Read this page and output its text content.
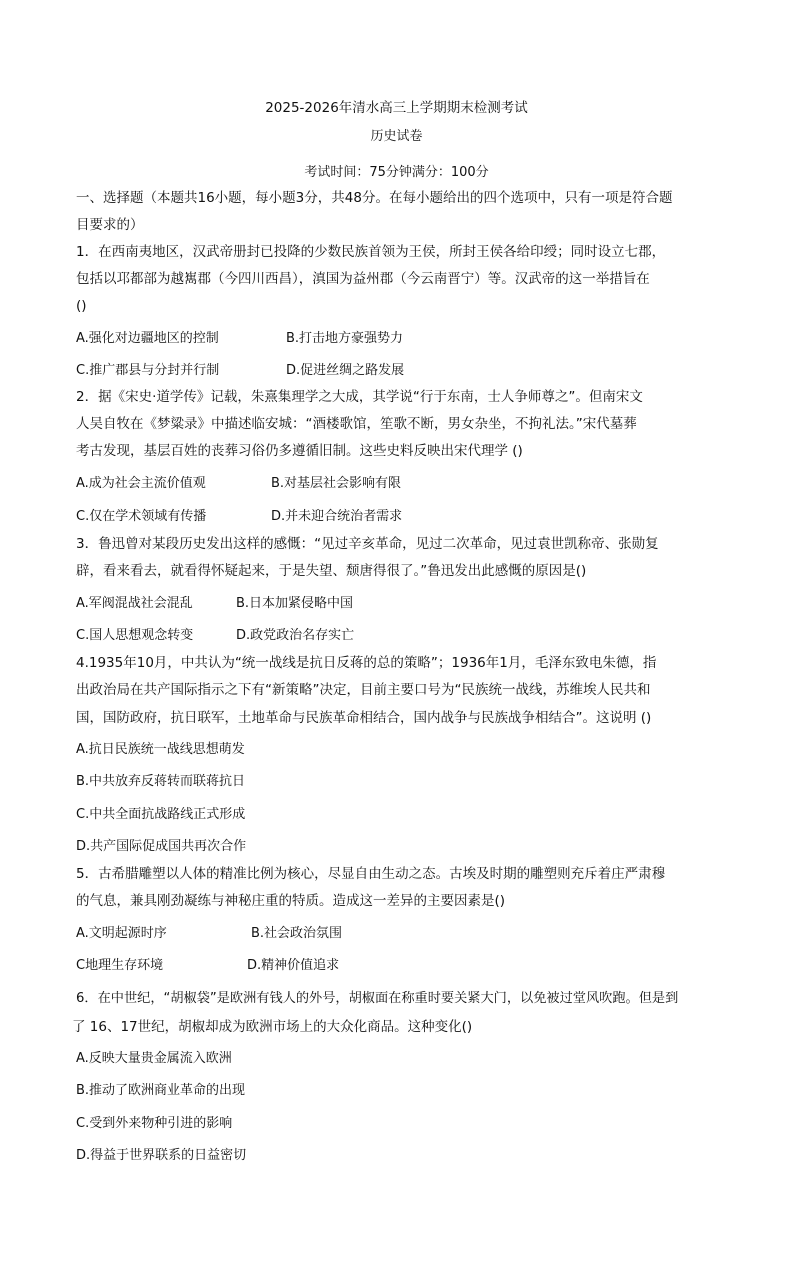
2025-2026年清水高三上学期期末检测考试
历史试卷
考试时间：75分钟满分：100分
一、选择题（本题共16小题，每小题3分，共48分。在每小题给出的四个选项中，只有一项是符合题
目要求的）
1．在西南夷地区，汉武帝册封已投降的少数民族首领为王侯，所封王侯各给印绶；同时设立七郡，
包括以邛都部为越嶲郡（今四川西昌），滇国为益州郡（今云南晋宁）等。汉武帝的这一举措旨在
()
A.强化对边疆地区的控制	B.打击地方豪强势力
C.推广郡县与分封并行制	D.促进丝绸之路发展
2．据《宋史·道学传》记载，朱熹集理学之大成，其学说“行于东南，士人争师尊之”。但南宋文
人吴自牧在《梦粱录》中描述临安城：“酒楼歌馆，笙歌不断，男女杂坐，不拘礼法。”宋代墓葬
考古发现，基层百姓的丧葬习俗仍多遵循旧制。这些史料反映出宋代理学 ()
A.成为社会主流价值观	B.对基层社会影响有限
C.仅在学术领域有传播	D.并未迎合统治者需求
3．鲁迅曾对某段历史发出这样的感慨：“见过辛亥革命，见过二次革命，见过袁世凯称帝、张勋复
辟，看来看去，就看得怀疑起来，于是失望、颓唐得很了。”鲁迅发出此感慨的原因是()
A.军阀混战社会混乱	B.日本加紧侵略中国
C.国人思想观念转变	D.政党政治名存实亡
4.1935年10月，中共认为“统一战线是抗日反蒋的总的策略”；1936年1月，毛泽东致电朱德，指
出政治局在共产国际指示之下有“新策略”决定，目前主要口号为“民族统一战线，苏维埃人民共和
国，国防政府，抗日联军，土地革命与民族革命相结合，国内战争与民族战争相结合”。这说明 ()
A.抗日民族统一战线思想萌发
B.中共放弃反蒋转而联蒋抗日
C.中共全面抗战路线正式形成
D.共产国际促成国共再次合作
5．古希腊雕塑以人体的精准比例为核心，尽显自由生动之态。古埃及时期的雕塑则充斥着庄严肃穆
的气息，兼具刚劲凝练与神秘庄重的特质。造成这一差异的主要因素是()
A.文明起源时序	B.社会政治氛围
C地理生存环境	D.精神价值追求
6．在中世纪，“胡椒袋”是欧洲有钱人的外号，胡椒面在称重时要关紧大门，以免被过堂风吹跑。但是到
了 16、17世纪，胡椒却成为欧洲市场上的大众化商品。这种变化()
A.反映大量贵金属流入欧洲
B.推动了欧洲商业革命的出现
C.受到外来物种引进的影响
D.得益于世界联系的日益密切
